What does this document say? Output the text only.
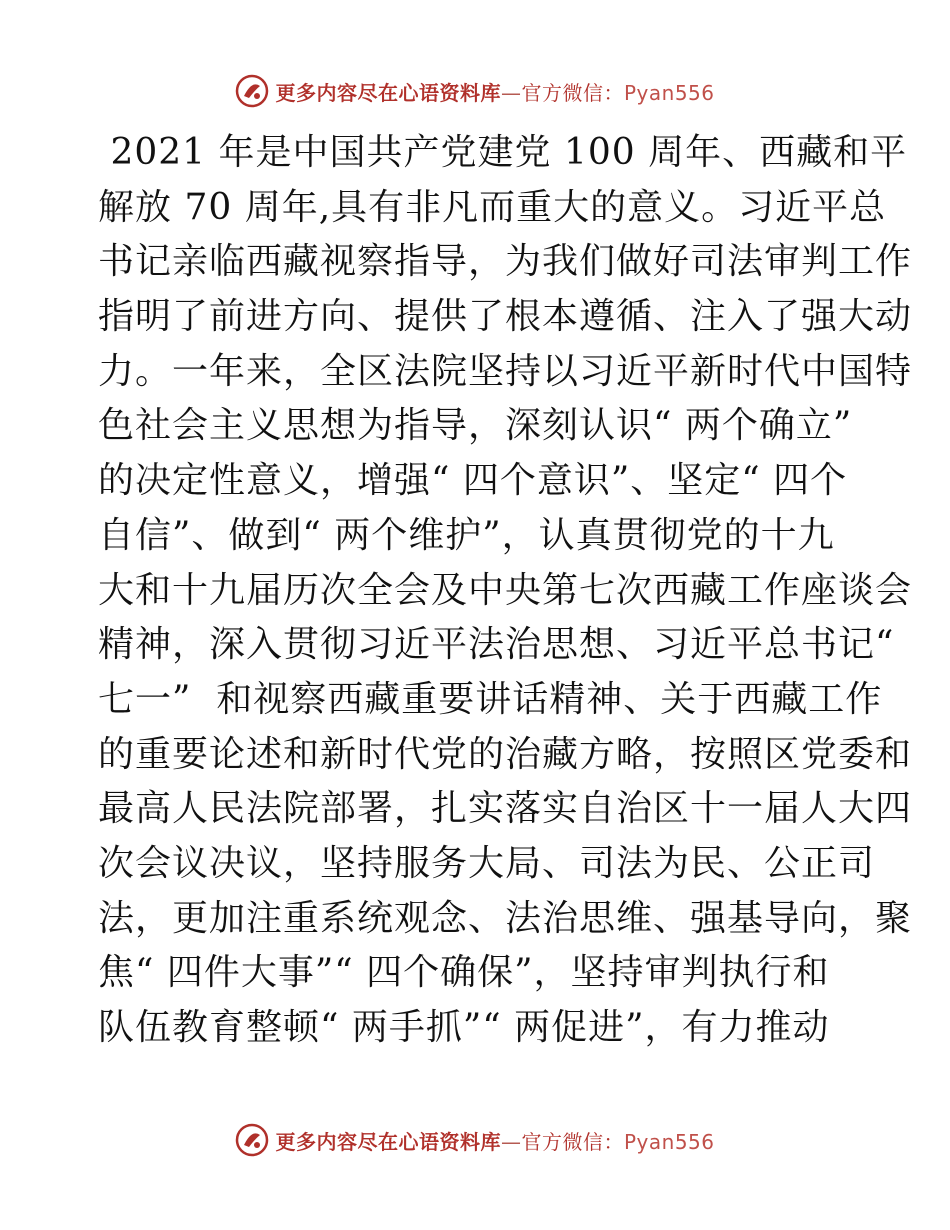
更多内容尽在心语资料库—官方微信：Pyan556
2021 年是中国共产党建党 100 周年、西藏和平
解放 70 周年,具有非凡而重大的意义。习近平总
书记亲临西藏视察指导，为我们做好司法审判工作
指明了前进方向、提供了根本遵循、注入了强大动
力。一年来，全区法院坚持以习近平新时代中国特
色社会主义思想为指导，深刻认识“ 两个确立”
的决定性意义，增强“ 四个意识”、坚定“ 四个
自信”、做到“ 两个维护”，认真贯彻党的十九
大和十九届历次全会及中央第七次西藏工作座谈会
精神，深入贯彻习近平法治思想、习近平总书记“
七一”  和视察西藏重要讲话精神、关于西藏工作
的重要论述和新时代党的治藏方略，按照区党委和
最高人民法院部署，扎实落实自治区十一届人大四
次会议决议，坚持服务大局、司法为民、公正司
法，更加注重系统观念、法治思维、强基导向，聚
焦“ 四件大事”“ 四个确保”，坚持审判执行和
队伍教育整顿“ 两手抓”“ 两促进”，有力推动
更多内容尽在心语资料库—官方微信：Pyan556
